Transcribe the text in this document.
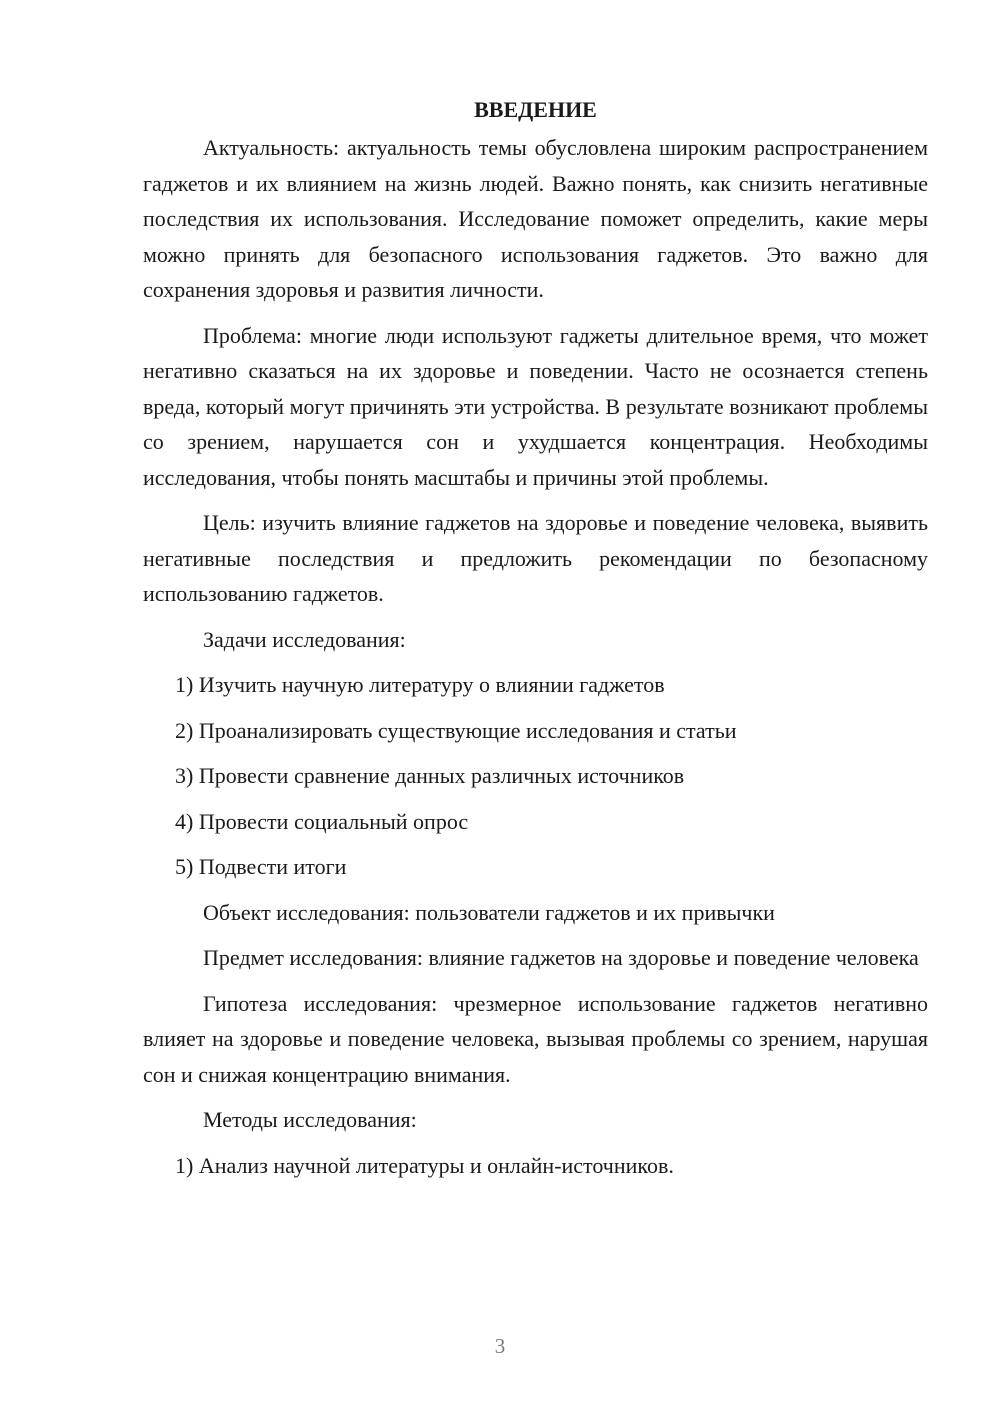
ВВЕДЕНИЕ

Актуальность: актуальность темы обусловлена широким распространением гаджетов и их влиянием на жизнь людей. Важно понять, как снизить негативные последствия их использования. Исследование поможет определить, какие меры можно принять для безопасного использования гаджетов. Это важно для сохранения здоровья и развития личности.

Проблема: многие люди используют гаджеты длительное время, что может негативно сказаться на их здоровье и поведении. Часто не осознается степень вреда, который могут причинять эти устройства. В результате возникают проблемы со зрением, нарушается сон и ухудшается концентрация. Необходимы исследования, чтобы понять масштабы и причины этой проблемы.

Цель: изучить влияние гаджетов на здоровье и поведение человека, выявить негативные последствия и предложить рекомендации по безопасному использованию гаджетов.

Задачи исследования:

1) Изучить научную литературу о влиянии гаджетов
2) Проанализировать существующие исследования и статьи
3) Провести сравнение данных различных источников
4) Провести социальный опрос
5) Подвести итоги

Объект исследования: пользователи гаджетов и их привычки

Предмет исследования: влияние гаджетов на здоровье и поведение человека

Гипотеза исследования: чрезмерное использование гаджетов негативно влияет на здоровье и поведение человека, вызывая проблемы со зрением, нарушая сон и снижая концентрацию внимания.

Методы исследования:

1) Анализ научной литературы и онлайн-источников.
3
